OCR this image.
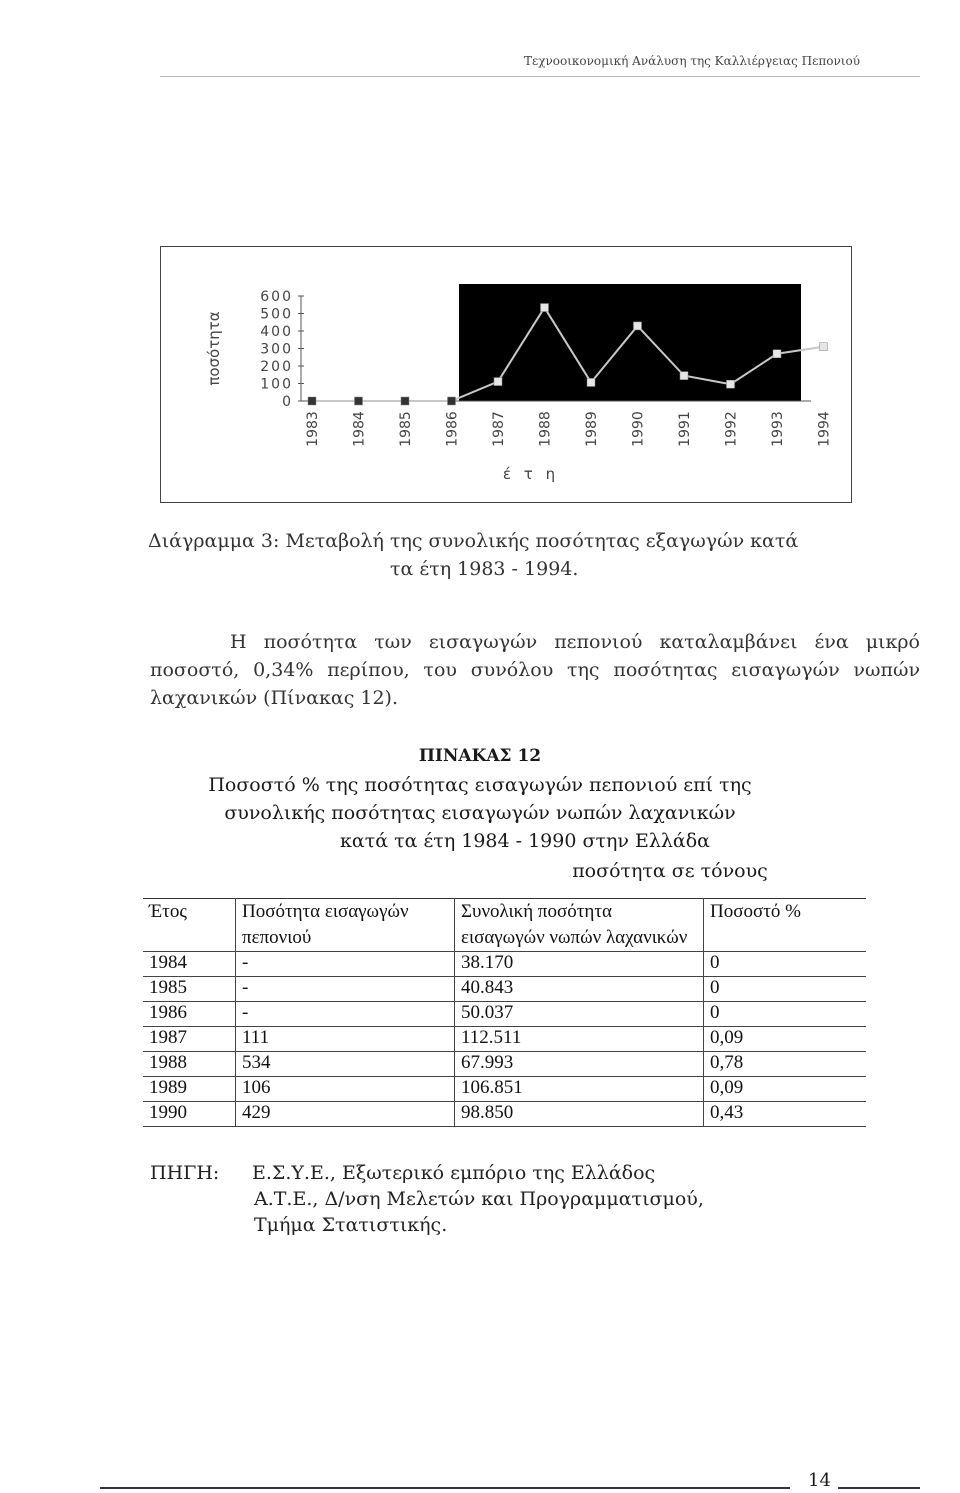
Τεχνοοικονομική Ανάλυση της Καλλιέργειας Πεπονιού
600
500
400
300
200
100
0
ποσότητα
1983 1984 1985 1986 1987 1988 1989 1990 1991 1992 1993 1994
έ τ η
Διάγραμμα 3: Μεταβολή της συνολικής ποσότητας εξαγωγών κατά
τα έτη 1983 - 1994.
Η ποσότητα των εισαγωγών πεπονιού καταλαμβάνει ένα μικρό ποσοστό, 0,34% περίπου, του συνόλου της ποσότητας εισαγωγών νωπών λαχανικών (Πίνακας 12).
ΠΙΝΑΚΑΣ 12
Ποσοστό % της ποσότητας εισαγωγών πεπονιού επί της
συνολικής ποσότητας εισαγωγών νωπών λαχανικών
κατά τα έτη 1984 - 1990 στην Ελλάδα
ποσότητα σε τόνους
Έτος	Ποσότητα εισαγωγών πεπονιού	Συνολική ποσότητα εισαγωγών νωπών λαχανικών	Ποσοστό %
1984	-	38.170	0
1985	-	40.843	0
1986	-	50.037	0
1987	111	112.511	0,09
1988	534	67.993	0,78
1989	106	106.851	0,09
1990	429	98.850	0,43
ΠΗΓΗ: Ε.Σ.Υ.Ε., Εξωτερικό εμπόριο της Ελλάδος
Α.Τ.Ε., Δ/νση Μελετών και Προγραμματισμού,
Τμήμα Στατιστικής.
14
